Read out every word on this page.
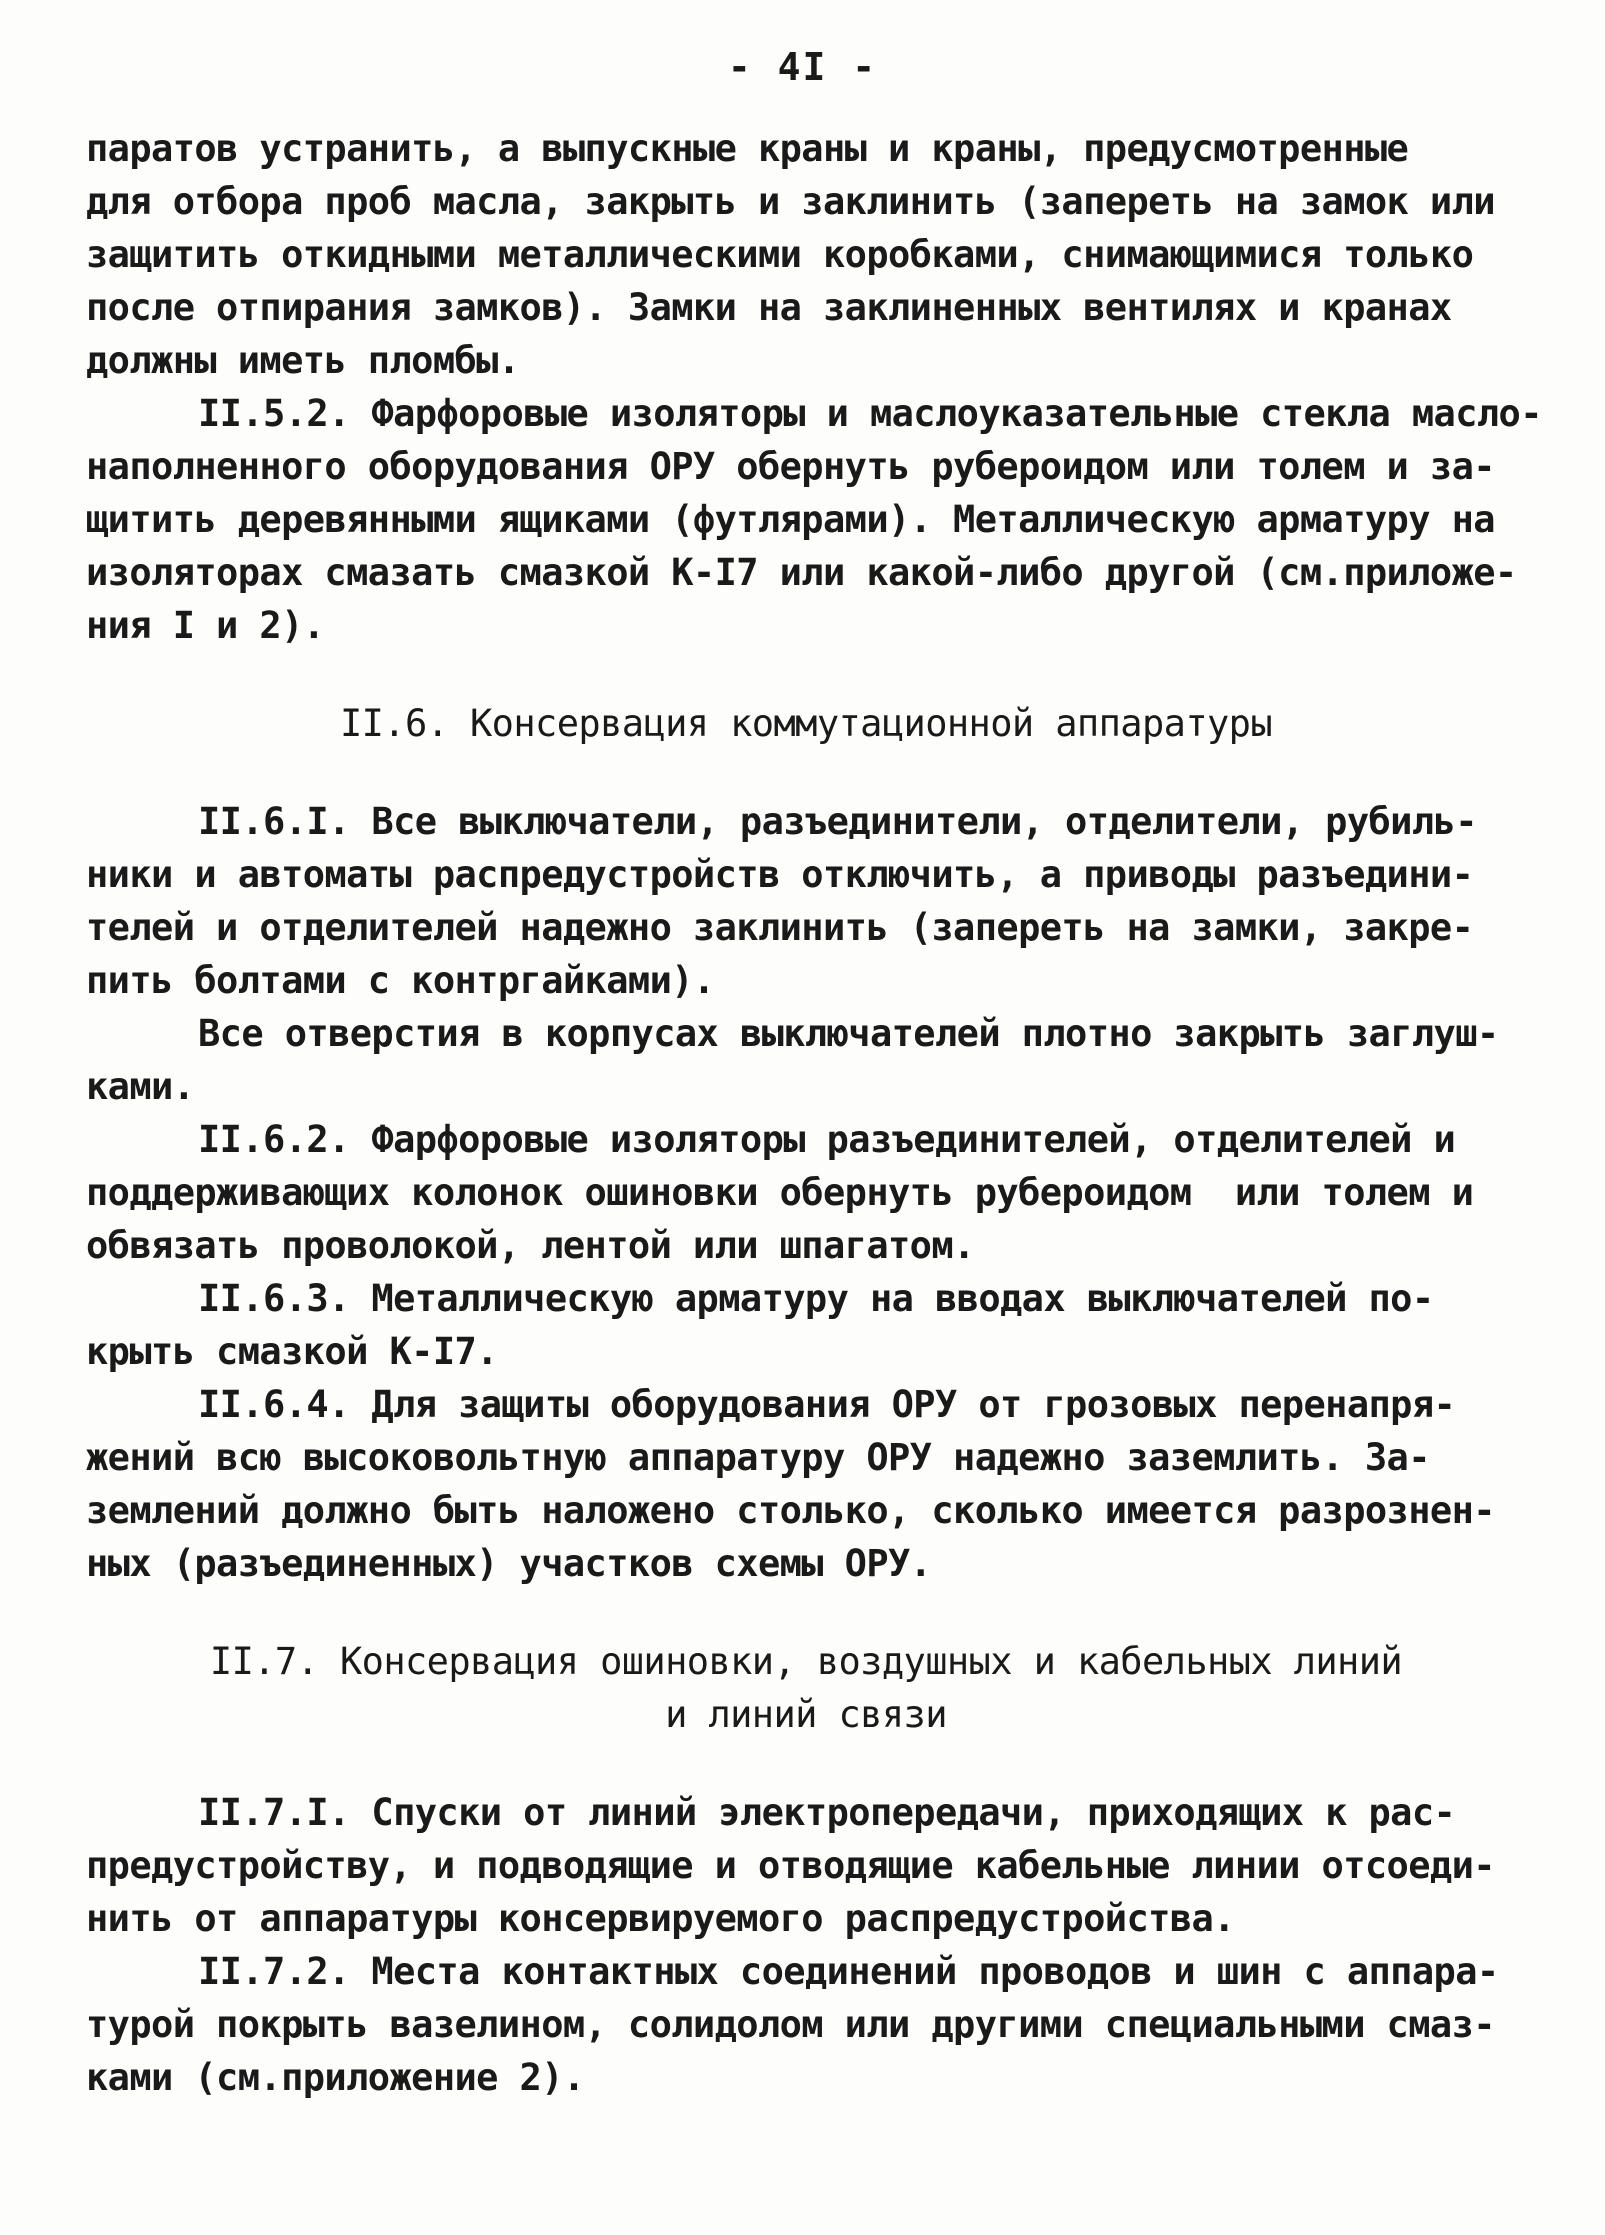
- 4I -
паратов устранить, а выпускные краны и краны, предусмотренные
для отбора проб масла, закрыть и заклинить (запереть на замок или
защитить откидными металлическими коробками, снимающимися только
после отпирания замков). Замки на заклиненных вентилях и кранах
должны иметь пломбы.
II.5.2. Фарфоровые изоляторы и маслоуказательные стекла масло-
наполненного оборудования ОРУ обернуть рубероидом или толем и за-
щитить деревянными ящиками (футлярами). Металлическую арматуру на
изоляторах смазать смазкой К-I7 или какой-либо другой (см.приложе-
ния I и 2).
II.6. Консервация коммутационной аппаратуры
II.6.I. Все выключатели, разъединители, отделители, рубиль-
ники и автоматы распредустройств отключить, а приводы разъедини-
телей и отделителей надежно заклинить (запереть на замки, закре-
пить болтами с контргайками).
Все отверстия в корпусах выключателей плотно закрыть заглуш-
ками.
II.6.2. Фарфоровые изоляторы разъединителей, отделителей и
поддерживающих колонок ошиновки обернуть рубероидом  или толем и
обвязать проволокой, лентой или шпагатом.
II.6.3. Металлическую арматуру на вводах выключателей по-
крыть смазкой К-I7.
II.6.4. Для защиты оборудования ОРУ от грозовых перенапря-
жений всю высоковольтную аппаратуру ОРУ надежно заземлить. За-
землений должно быть наложено столько, сколько имеется разрознен-
ных (разъединенных) участков схемы ОРУ.
II.7. Консервация ошиновки, воздушных и кабельных линий
и линий связи
II.7.I. Спуски от линий электропередачи, приходящих к рас-
предустройству, и подводящие и отводящие кабельные линии отсоеди-
нить от аппаратуры консервируемого распредустройства.
II.7.2. Места контактных соединений проводов и шин с аппара-
турой покрыть вазелином, солидолом или другими специальными смаз-
ками (см.приложение 2).
